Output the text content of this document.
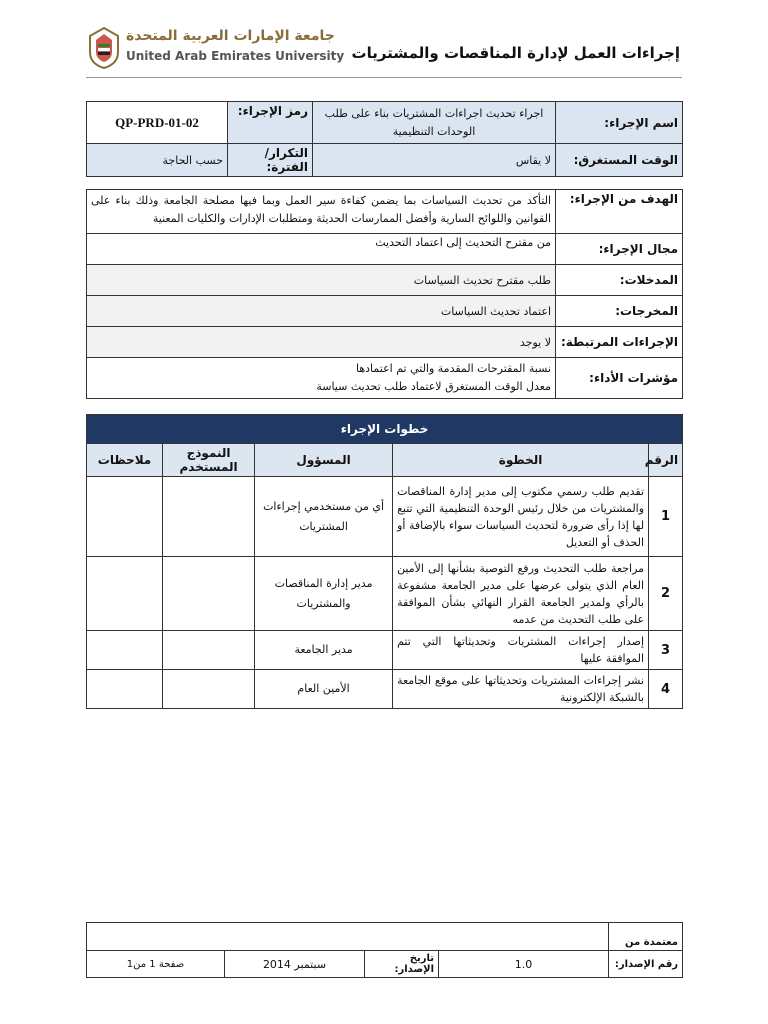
جامعة الإمارات العربية المتحدة
United Arab Emirates University إجراءات العمل لإدارة المناقصات والمشتريات
اسم الإجراء:	اجراء تحديث اجراءات المشتريات بناء على طلب الوحدات التنظيمية	رمز الإجراء:	QP-PRD-01-02
الوقت المستغرق:	لا يقاس	التكرار/ الفترة:	حسب الحاجة
الهدف من الإجراء:	التأكد من تحديث السياسات بما يضمن كفاءة سير العمل وبما فيها مصلحة الجامعة وذلك بناء على القوانين واللوائح السارية وأفضل الممارسات الحديثة ومتطلبات الإدارات والكليات المعنية
مجال الإجراء:	من مقترح التحديث إلى اعتماد التحديث
المدخلات:	طلب مقترح تحديث السياسات
المخرجات:	اعتماد تحديث السياسات
الإجراءات المرتبطة:	لا يوجد
مؤشرات الأداء:	نسبة المقترحات المقدمة والتي تم اعتمادها
معدل الوقت المستغرق لاعتماد طلب تحديث سياسة
خطوات الإجراء				
الرقم	الخطوة	المسؤول	النموذج المستخدم	ملاحظات
1	تقديم طلب رسمي مكتوب إلى مدير إدارة المناقصات والمشتريات من خلال رئيس الوحدة التنظيمية التي تتبع لها إذا رأى ضرورة لتحديث السياسات سواء بالإضافة أو الحذف أو التعديل	أي من مستخدمي إجراءات المشتريات		
2	مراجعة طلب التحديث ورفع التوصية بشأنها إلى الأمين العام الذي يتولى عرضها على مدير الجامعة مشفوعة بالرأي ولمدير الجامعة القرار النهائي بشأن الموافقة على طلب التحديث من عدمه	مدير إدارة المناقصات والمشتريات		
3	إصدار إجراءات المشتريات وتحديثاتها التي تتم الموافقة عليها	مدير الجامعة		
4	نشر إجراءات المشتريات وتحديثاتها على موقع الجامعة بالشبكة الإلكترونية	الأمين العام		
معتمدة من				
رقم الإصدار:	1.0	تاريخ الإصدار:	سبتمبر 2014	صفحة 1 من1
